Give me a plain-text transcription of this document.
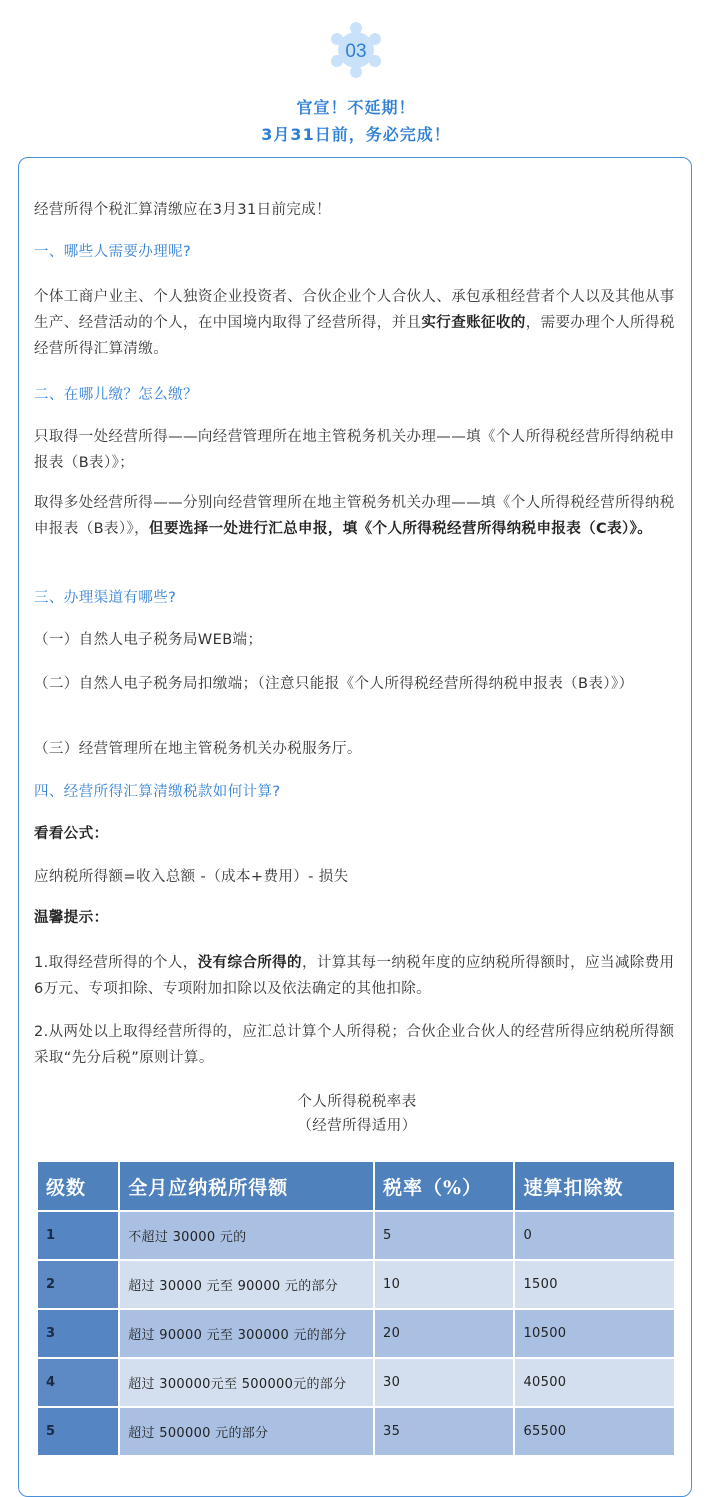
03
官宣！不延期！
3月31日前，务必完成！

经营所得个税汇算清缴应在3月31日前完成！

一、哪些人需要办理呢?

个体工商户业主、个人独资企业投资者、合伙企业个人合伙人、承包承租经营者个人以及其他从事生产、经营活动的个人，在中国境内取得了经营所得，并且实行查账征收的，需要办理个人所得税经营所得汇算清缴。

二、在哪儿缴？怎么缴？

只取得一处经营所得——向经营管理所在地主管税务机关办理——填《个人所得税经营所得纳税申报表（B表）》；

取得多处经营所得——分别向经营管理所在地主管税务机关办理——填《个人所得税经营所得纳税申报表（B表）》，但要选择一处进行汇总申报，填《个人所得税经营所得纳税申报表（C表）》。

三、办理渠道有哪些?

（一）自然人电子税务局WEB端；

（二）自然人电子税务局扣缴端；（注意只能报《个人所得税经营所得纳税申报表（B表）》）

（三）经营管理所在地主管税务机关办税服务厅。

四、经营所得汇算清缴税款如何计算?

看看公式：

应纳税所得额=收入总额 -（成本+费用）- 损失

温馨提示：

1.取得经营所得的个人，没有综合所得的，计算其每一纳税年度的应纳税所得额时，应当减除费用6万元、专项扣除、专项附加扣除以及依法确定的其他扣除。

2.从两处以上取得经营所得的，应汇总计算个人所得税；合伙企业合伙人的经营所得应纳税所得额采取“先分后税”原则计算。

个人所得税税率表

（经营所得适用）

级数	全月应纳税所得额	税率（%）	速算扣除数
1	不超过 30000 元的	5	0
2	超过 30000 元至 90000 元的部分	10	1500
3	超过 90000 元至 300000 元的部分	20	10500
4	超过 300000元至 500000元的部分	30	40500
5	超过 500000 元的部分	35	65500
